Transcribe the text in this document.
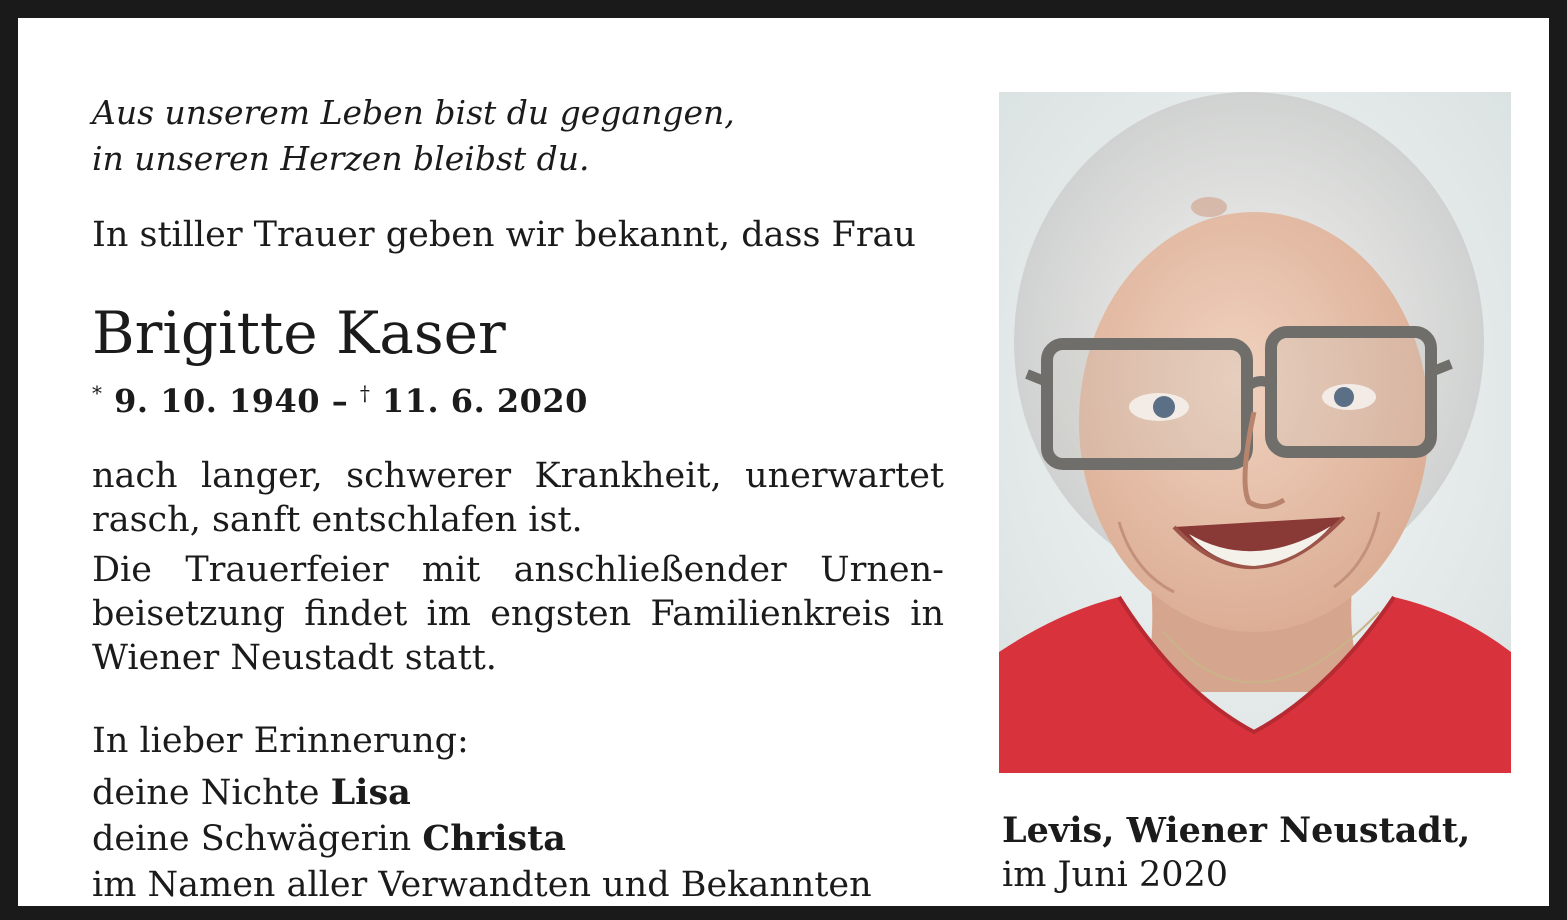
Aus unserem Leben bist du gegangen,
in unseren Herzen bleibst du.
In stiller Trauer geben wir bekannt, dass Frau
Brigitte Kaser
* 9. 10. 1940 – † 11. 6. 2020

nach langer, schwerer Krankheit, unerwartet rasch, sanft entschlafen ist.

Die Trauerfeier mit anschließender Urnenbeisetzung findet im engsten Familienkreis in Wiener Neustadt statt.

In lieber Erinnerung:
deine Nichte Lisa
deine Schwägerin Christa
im Namen aller Verwandten und Bekannten
Levis, Wiener Neustadt,
im Juni 2020
